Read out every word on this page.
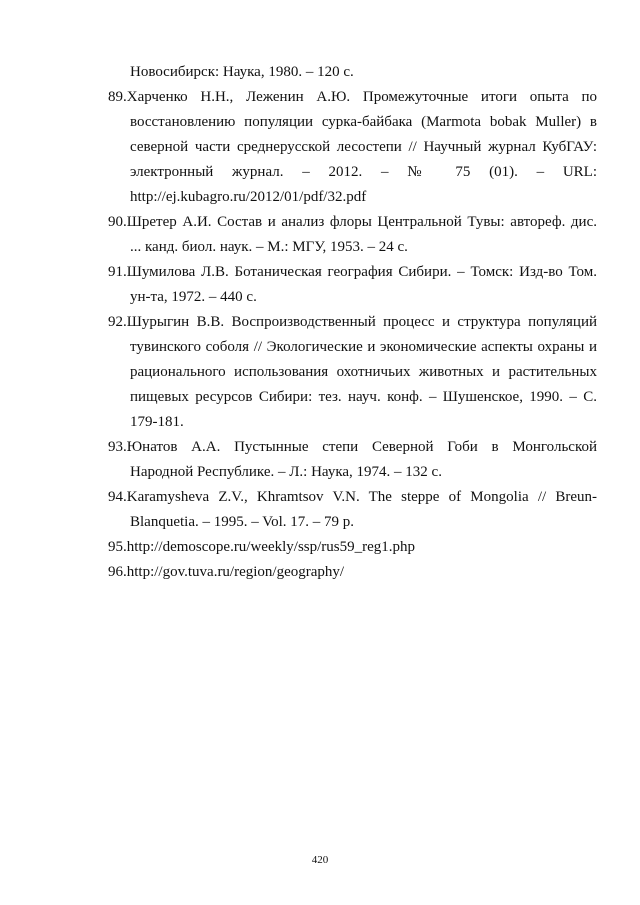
Новосибирск: Наука, 1980. – 120 с.
89.Харченко Н.Н., Леженин А.Ю. Промежуточные итоги опыта по
восстановлению популяции сурка-байбака (Marmota bobak Muller) в
северной части среднерусской лесостепи // Научный журнал КубГАУ:
электронный журнал. – 2012. – № 75 (01). – URL:
http://ej.kubagro.ru/2012/01/pdf/32.pdf
90.Шретер А.И. Состав и анализ флоры Центральной Тувы: автореф. дис.
... канд. биол. наук. – М.: МГУ, 1953. – 24 с.
91.Шумилова Л.В. Ботаническая география Сибири. – Томск: Изд-во Том.
ун-та, 1972. – 440 с.
92.Шурыгин В.В. Воспроизводственный процесс и структура популяций
тувинского соболя // Экологические и экономические аспекты охраны и
рационального использования охотничьих животных и растительных
пищевых ресурсов Сибири: тез. науч. конф. – Шушенское, 1990. – С.
179-181.
93.Юнатов А.А. Пустынные степи Северной Гоби в Монгольской
Народной Республике. – Л.: Наука, 1974. – 132 с.
94.Karamysheva Z.V., Khramtsov V.N. The steppe of Mongolia // Breun-
Blanquetia. – 1995. – Vol. 17. – 79 p.
95.http://demoscope.ru/weekly/ssp/rus59_reg1.php
96.http://gov.tuva.ru/region/geography/
420
